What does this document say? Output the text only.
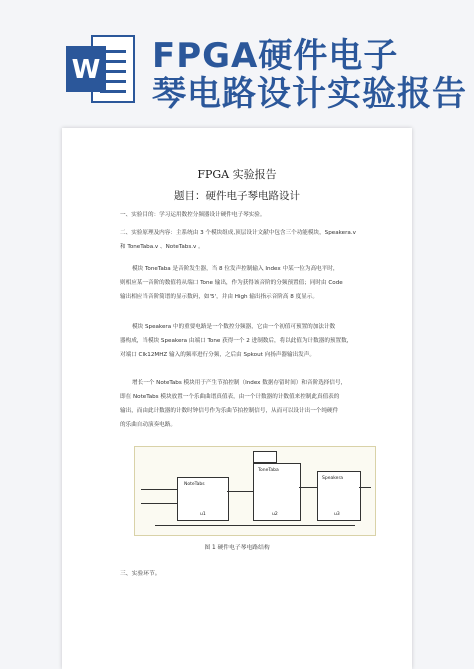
W FPGA硬件电子
琴电路设计实验报告
FPGA 实验报告
题目：硬件电子琴电路设计
一、实验目的：学习运用数控分频器设计硬件电子琴实验。
二、实验原理及内容：主系统由 3 个模块组成,顶层设计文献中包含三个功能模块，Speakera.v
和 ToneTaba.v 、NoteTabs.v 。
模块 ToneTaba 是音阶发生器，当 8 位发声控制输入 Index 中某一位为高电平时，
则相应某一音阶的数值将从端口 Tone 输出，作为获得该音阶的分频预置值；同时由 Code
输出相应当音阶简谱的显示数码，如'5'，并由 High 输出指示音阶高 8 度显示。
模块 Speakera 中的重要电路是一个数控分频器，它由一个初值可预置的加法计数
器构成，当模块 Speakera 由端口 Tone 获得一个 2 进制数后，将以此值为计数器的预置数，
对端口 Clk12MHZ 输入的频率进行分频，之后由 Spkout 向扬声器输出发声。
增长一个 NoteTabs 模块用于产生节拍控制（Index 数据存留时间）和音阶选择信号，
即在 NoteTabs 模块放置一个乐曲曲谱真值表，由一个计数器的计数值来控制此真值表的
输出，而由此计数器的计数时钟信号作为乐曲节拍控制信号，从而可以设计出一个纯硬件
的乐曲自动演奏电路。
NoteTabs
u1
ToneTaba
u2
Speakera
u3
图 1 硬件电子琴电路结构
三、实验环节。
